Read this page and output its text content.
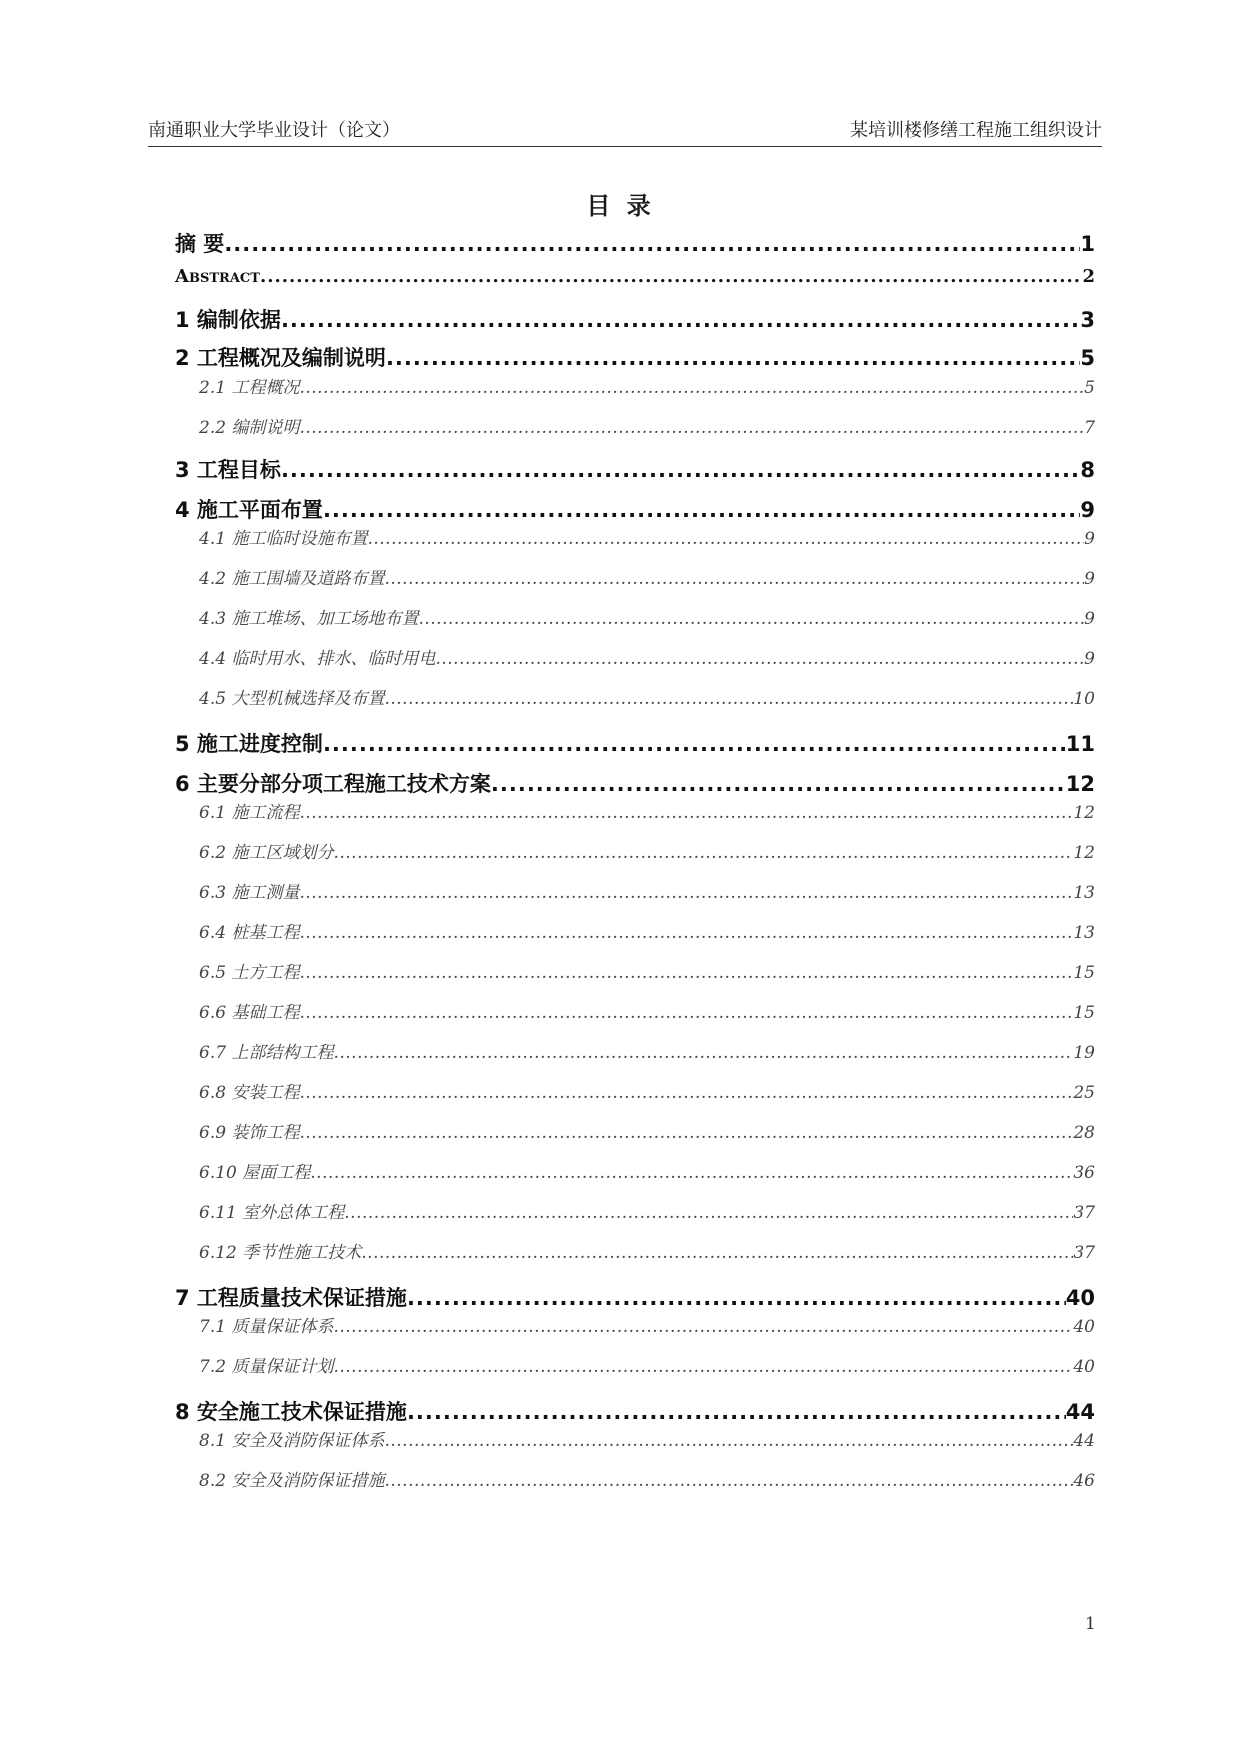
南通职业大学毕业设计（论文）	某培训楼修缮工程施工组织设计
目 录
摘 要 .....	1
Abstract .....	2
1 编制依据 .....	3
2 工程概况及编制说明 .....	5
2.1 工程概况 .....	5
2.2 编制说明 .....	7
3 工程目标 .....	8
4 施工平面布置 .....	9
4.1 施工临时设施布置 .....	9
4.2 施工围墙及道路布置 .....	9
4.3 施工堆场、加工场地布置 .....	9
4.4 临时用水、排水、临时用电 .....	9
4.5 大型机械选择及布置 .....	10
5 施工进度控制 .....	11
6 主要分部分项工程施工技术方案 .....	12
6.1 施工流程 .....	12
6.2 施工区域划分 .....	12
6.3 施工测量 .....	13
6.4 桩基工程 .....	13
6.5 土方工程 .....	15
6.6 基础工程 .....	15
6.7 上部结构工程 .....	19
6.8 安装工程 .....	25
6.9 装饰工程 .....	28
6.10 屋面工程 .....	36
6.11 室外总体工程 .....	37
6.12 季节性施工技术 .....	37
7 工程质量技术保证措施 .....	40
7.1 质量保证体系 .....	40
7.2 质量保证计划 .....	40
8 安全施工技术保证措施 .....	44
8.1 安全及消防保证体系 .....	44
8.2 安全及消防保证措施 .....	46
1
